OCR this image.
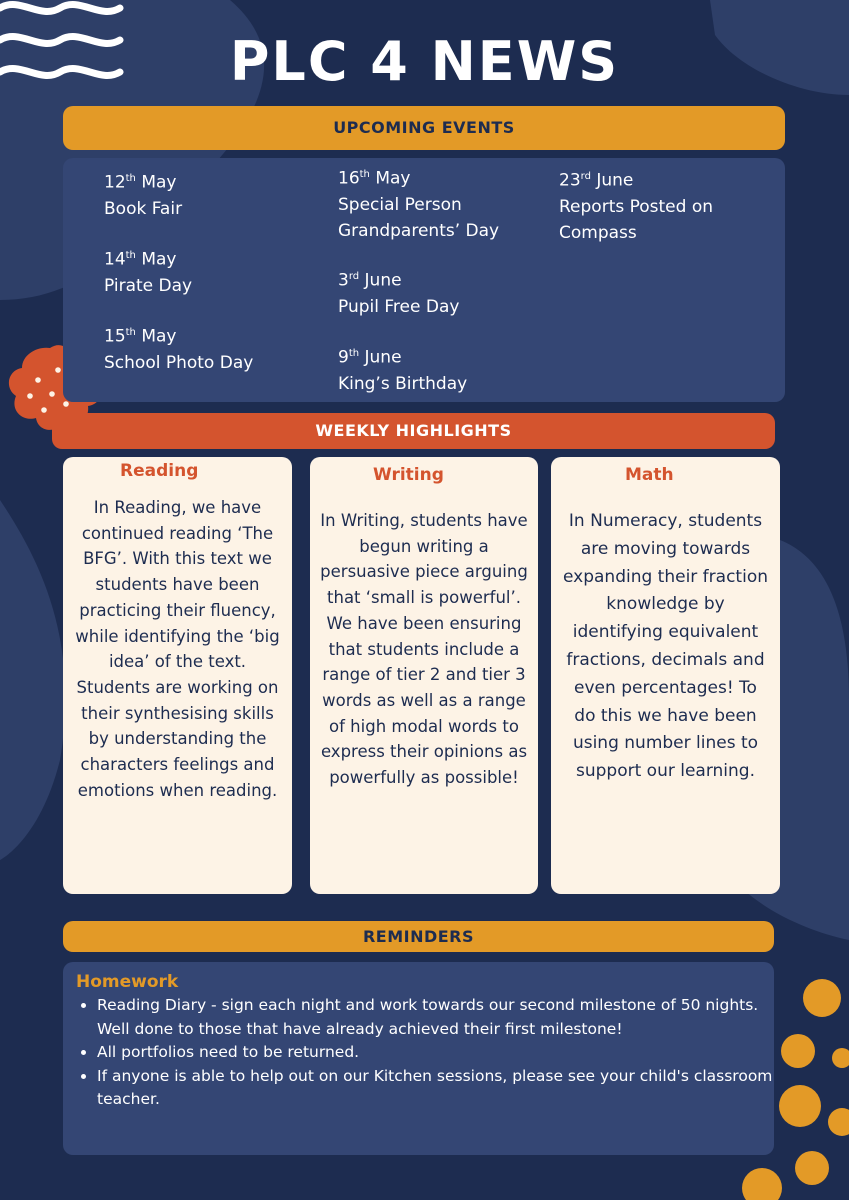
PLC 4 NEWS
UPCOMING EVENTS
12th May
Book Fair
14th May
Pirate Day
15th May
School Photo Day
16th May
Special Person
Grandparents’ Day
3rd June
Pupil Free Day
9th June
King’s Birthday
23rd June
Reports Posted on
Compass
WEEKLY HIGHLIGHTS
Reading
In Reading, we have continued reading ‘The BFG’. With this text we students have been practicing their fluency, while identifying the ‘big idea’ of the text. Students are working on their synthesising skills by understanding the characters feelings and emotions when reading.
Writing
In Writing, students have begun writing a persuasive piece arguing that ‘small is powerful’. We have been ensuring that students include a range of tier 2 and tier 3 words as well as a range of high modal words to express their opinions as powerfully as possible!
Math
In Numeracy, students are moving towards expanding their fraction knowledge by identifying equivalent fractions, decimals and even percentages! To do this we have been using number lines to support our learning.
REMINDERS
Homework
• Reading Diary - sign each night and work towards our second milestone of 50 nights. Well done to those that have already achieved their first milestone!
• All portfolios need to be returned.
• If anyone is able to help out on our Kitchen sessions, please see your child's classroom teacher.
